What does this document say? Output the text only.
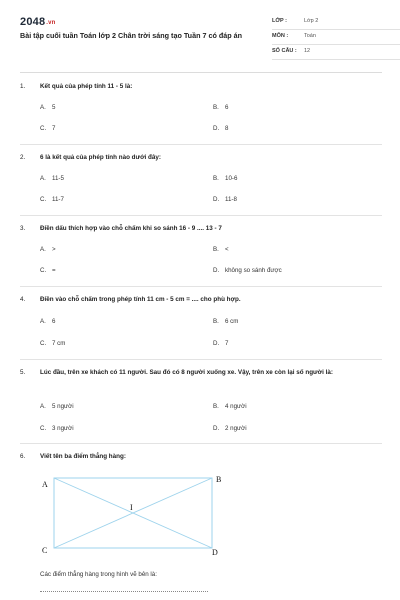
2048.vn
Bài tập cuối tuần Toán lớp 2 Chân trời sáng tạo Tuần 7 có đáp án
LỚP :	Lớp 2
MÔN :	Toán
SỐ CÂU : 12
1. Kết quả của phép tính 11 - 5 là:
A. 5	B. 6
C. 7	D. 8
2. 6 là kết quả của phép tính nào dưới đây:
A. 11-5	B. 10-6
C. 11-7	D. 11-8
3. Điền dấu thích hợp vào chỗ chấm khi so sánh 16 - 9 .... 13 - 7
A. >	B. <
C. =	D. không so sánh được
4. Điền vào chỗ chấm trong phép tính 11 cm - 5 cm = .... cho phù hợp.
A. 6	B. 6 cm
C. 7 cm	D. 7
5. Lúc đầu, trên xe khách có 11 người. Sau đó có 8 người xuống xe. Vậy, trên xe còn lại số người là:
A. 5 người	B. 4 người
C. 3 người	D. 2 người
6. Viết tên ba điểm thẳng hàng:
A
B
C	D
I
Các điểm thẳng hàng trong hình vẽ bên là:
